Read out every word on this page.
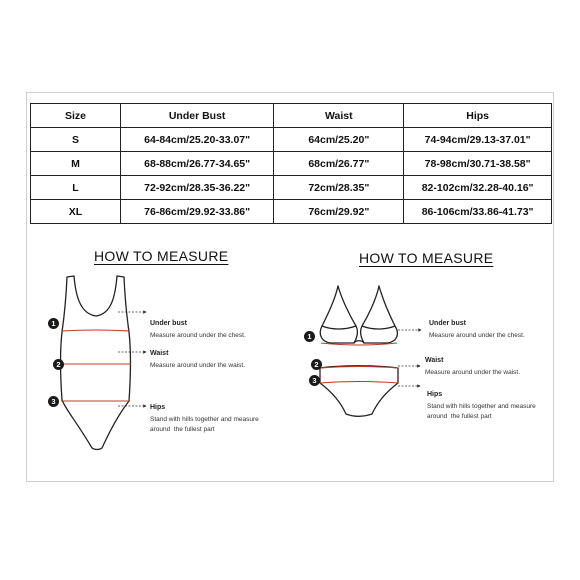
Size	Under Bust	Waist	Hips
S	64-84cm/25.20-33.07"	64cm/25.20"	74-94cm/29.13-37.01"
M	68-88cm/26.77-34.65"	68cm/26.77"	78-98cm/30.71-38.58"
L	72-92cm/28.35-36.22"	72cm/28.35"	82-102cm/32.28-40.16"
XL	76-86cm/29.92-33.86"	76cm/29.92"	86-106cm/33.86-41.73"
HOW TO MEASURE
1
2
3
Under bust
Measure around under the chest.
Waist
Measure around under the waist.
Hips
Stand with hills together and measure
around  the fullest part
HOW TO MEASURE
1
2
3
Under bust
Measure around under the chest.
Waist
Measure around under the waist.
Hips
Stand with hills together and measure
around  the fullest part
